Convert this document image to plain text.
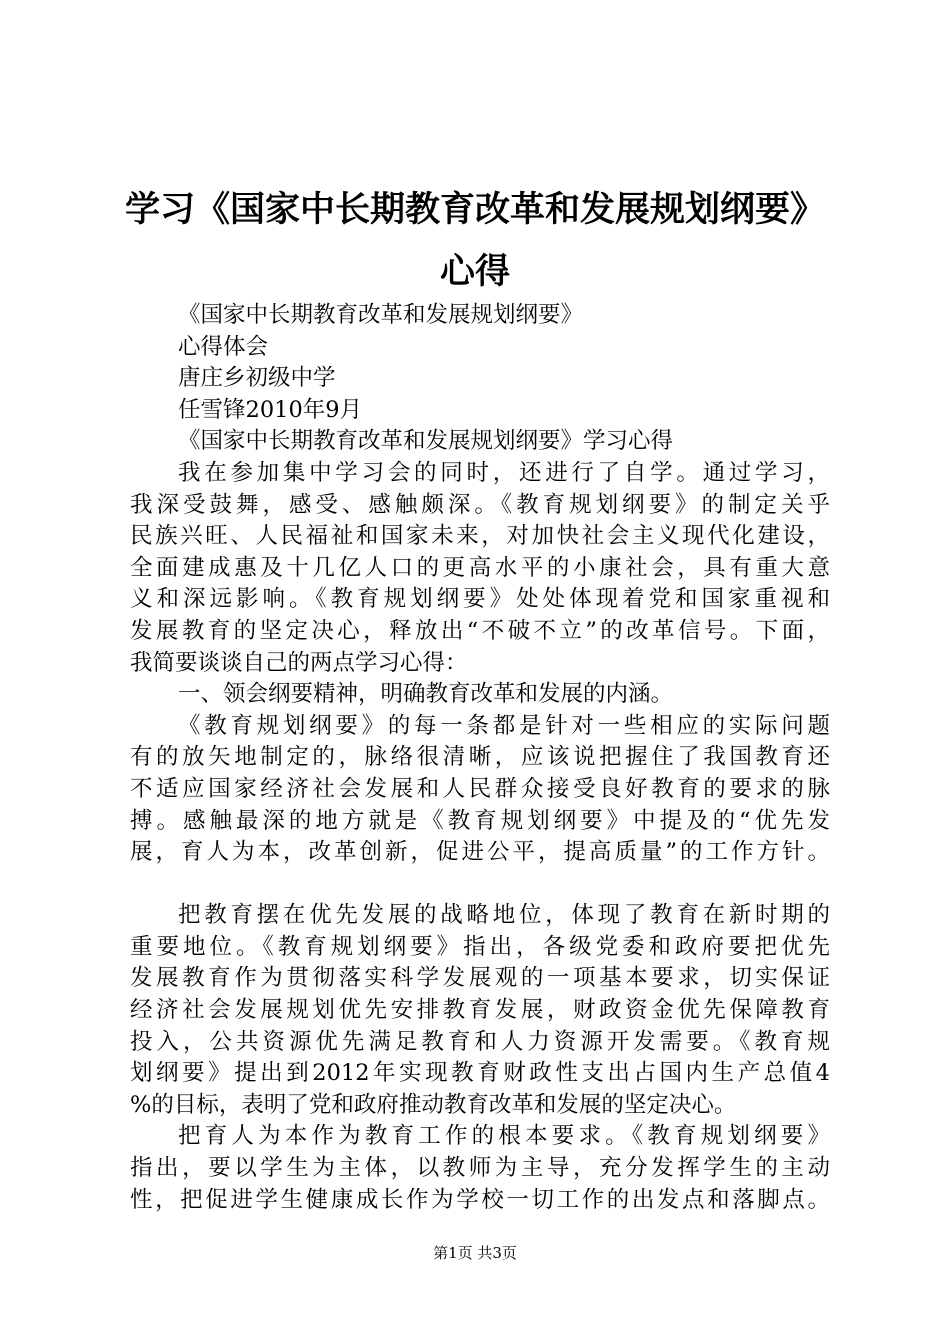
学习《国家中长期教育改革和发展规划纲要》
心得
《国家中长期教育改革和发展规划纲要》
心得体会
唐庄乡初级中学
任雪锋2010年9月
《国家中长期教育改革和发展规划纲要》学习心得
我在参加集中学习会的同时，还进行了自学。通过学习，
我深受鼓舞，感受、感触颇深。《教育规划纲要》的制定关乎
民族兴旺、人民福祉和国家未来，对加快社会主义现代化建设，
全面建成惠及十几亿人口的更高水平的小康社会，具有重大意
义和深远影响。《教育规划纲要》处处体现着党和国家重视和
发展教育的坚定决心，释放出“不破不立”的改革信号。下面，
我简要谈谈自己的两点学习心得：
一、领会纲要精神，明确教育改革和发展的内涵。
《教育规划纲要》的每一条都是针对一些相应的实际问题
有的放矢地制定的，脉络很清晰，应该说把握住了我国教育还
不适应国家经济社会发展和人民群众接受良好教育的要求的脉
搏。感触最深的地方就是《教育规划纲要》中提及的“优先发
展，育人为本，改革创新，促进公平，提高质量”的工作方针。
把教育摆在优先发展的战略地位，体现了教育在新时期的
重要地位。《教育规划纲要》指出，各级党委和政府要把优先
发展教育作为贯彻落实科学发展观的一项基本要求，切实保证
经济社会发展规划优先安排教育发展，财政资金优先保障教育
投入，公共资源优先满足教育和人力资源开发需要。《教育规
划纲要》提出到2012年实现教育财政性支出占国内生产总值4
%的目标，表明了党和政府推动教育改革和发展的坚定决心。
把育人为本作为教育工作的根本要求。《教育规划纲要》
指出，要以学生为主体，以教师为主导，充分发挥学生的主动
性，把促进学生健康成长作为学校一切工作的出发点和落脚点。
第1页 共3页
